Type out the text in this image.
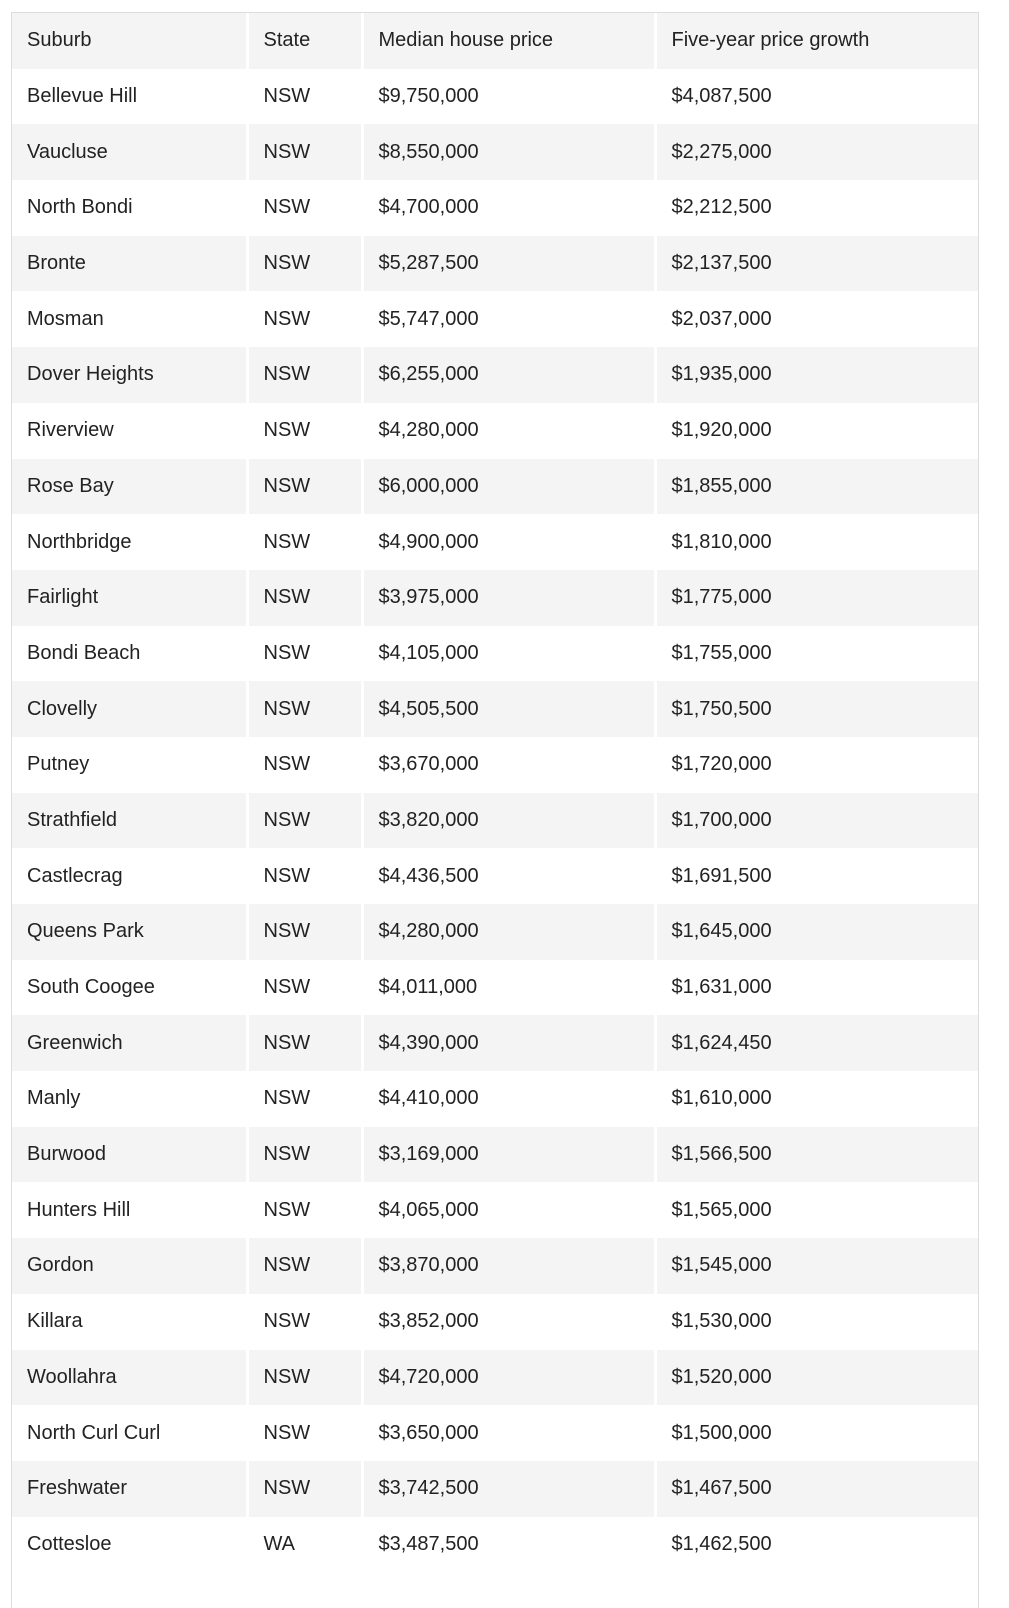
Suburb	State	Median house price	Five-year price growth
Bellevue Hill	NSW	$9,750,000	$4,087,500
Vaucluse	NSW	$8,550,000	$2,275,000
North Bondi	NSW	$4,700,000	$2,212,500
Bronte	NSW	$5,287,500	$2,137,500
Mosman	NSW	$5,747,000	$2,037,000
Dover Heights	NSW	$6,255,000	$1,935,000
Riverview	NSW	$4,280,000	$1,920,000
Rose Bay	NSW	$6,000,000	$1,855,000
Northbridge	NSW	$4,900,000	$1,810,000
Fairlight	NSW	$3,975,000	$1,775,000
Bondi Beach	NSW	$4,105,000	$1,755,000
Clovelly	NSW	$4,505,500	$1,750,500
Putney	NSW	$3,670,000	$1,720,000
Strathfield	NSW	$3,820,000	$1,700,000
Castlecrag	NSW	$4,436,500	$1,691,500
Queens Park	NSW	$4,280,000	$1,645,000
South Coogee	NSW	$4,011,000	$1,631,000
Greenwich	NSW	$4,390,000	$1,624,450
Manly	NSW	$4,410,000	$1,610,000
Burwood	NSW	$3,169,000	$1,566,500
Hunters Hill	NSW	$4,065,000	$1,565,000
Gordon	NSW	$3,870,000	$1,545,000
Killara	NSW	$3,852,000	$1,530,000
Woollahra	NSW	$4,720,000	$1,520,000
North Curl Curl	NSW	$3,650,000	$1,500,000
Freshwater	NSW	$3,742,500	$1,467,500
Cottesloe	WA	$3,487,500	$1,462,500
